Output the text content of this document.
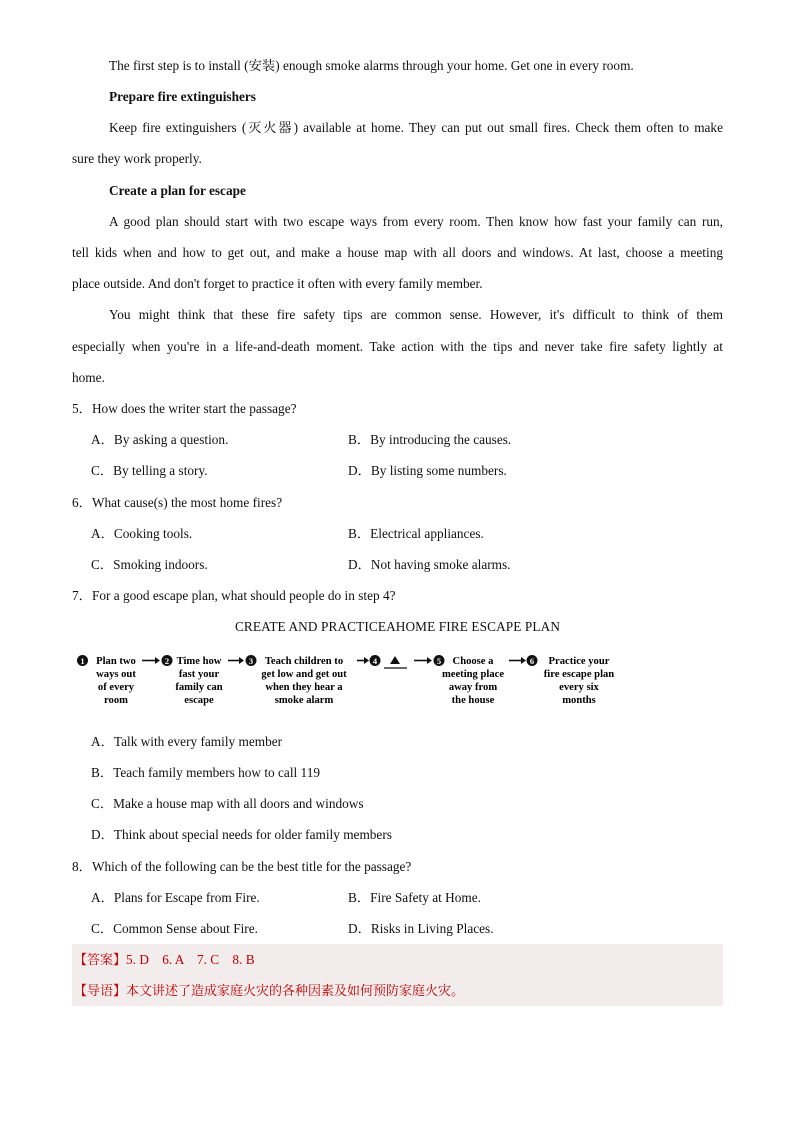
The first step is to install (安装) enough smoke alarms through your home. Get one in every room.
Prepare fire extinguishers
Keep fire extinguishers (灭火器) available at home. They can put out small fires. Check them often to make
sure they work properly.
Create a plan for escape
A good plan should start with two escape ways from every room. Then know how fast your family can run,
tell kids when and how to get out, and make a house map with all doors and windows. At last, choose a meeting
place outside. And don't forget to practice it often with every family member.
You might think that these fire safety tips are common sense. However, it's difficult to think of them
especially when you're in a life-and-death moment. Take action with the tips and never take fire safety lightly at
home.
5．How does the writer start the passage?
A．By asking a question.	B．By introducing the causes.
C．By telling a story.	D．By listing some numbers.
6．What cause(s) the most home fires?
A．Cooking tools.	B．Electrical appliances.
C．Smoking indoors.	D．Not having smoke alarms.
7．For a good escape plan, what should people do in step 4?
CREATE AND PRACTICEAHOME FIRE ESCAPE PLAN
1 Plan two
ways out
of every
room
2 Time how
fast your
family can
escape
3 Teach children to
get low and get out
when they hear a
smoke alarm
4	5 Choose a
meeting place
away from
the house
6 Practice your
fire escape plan
every six
months
A．Talk with every family member
B．Teach family members how to call 119
C．Make a house map with all doors and windows
D．Think about special needs for older family members
8．Which of the following can be the best title for the passage?
A．Plans for Escape from Fire.	B．Fire Safety at Home.
C．Common Sense about Fire.	D．Risks in Living Places.
【答案】5. D    6. A    7. C    8. B
【导语】本文讲述了造成家庭火灾的各种因素及如何预防家庭火灾。
